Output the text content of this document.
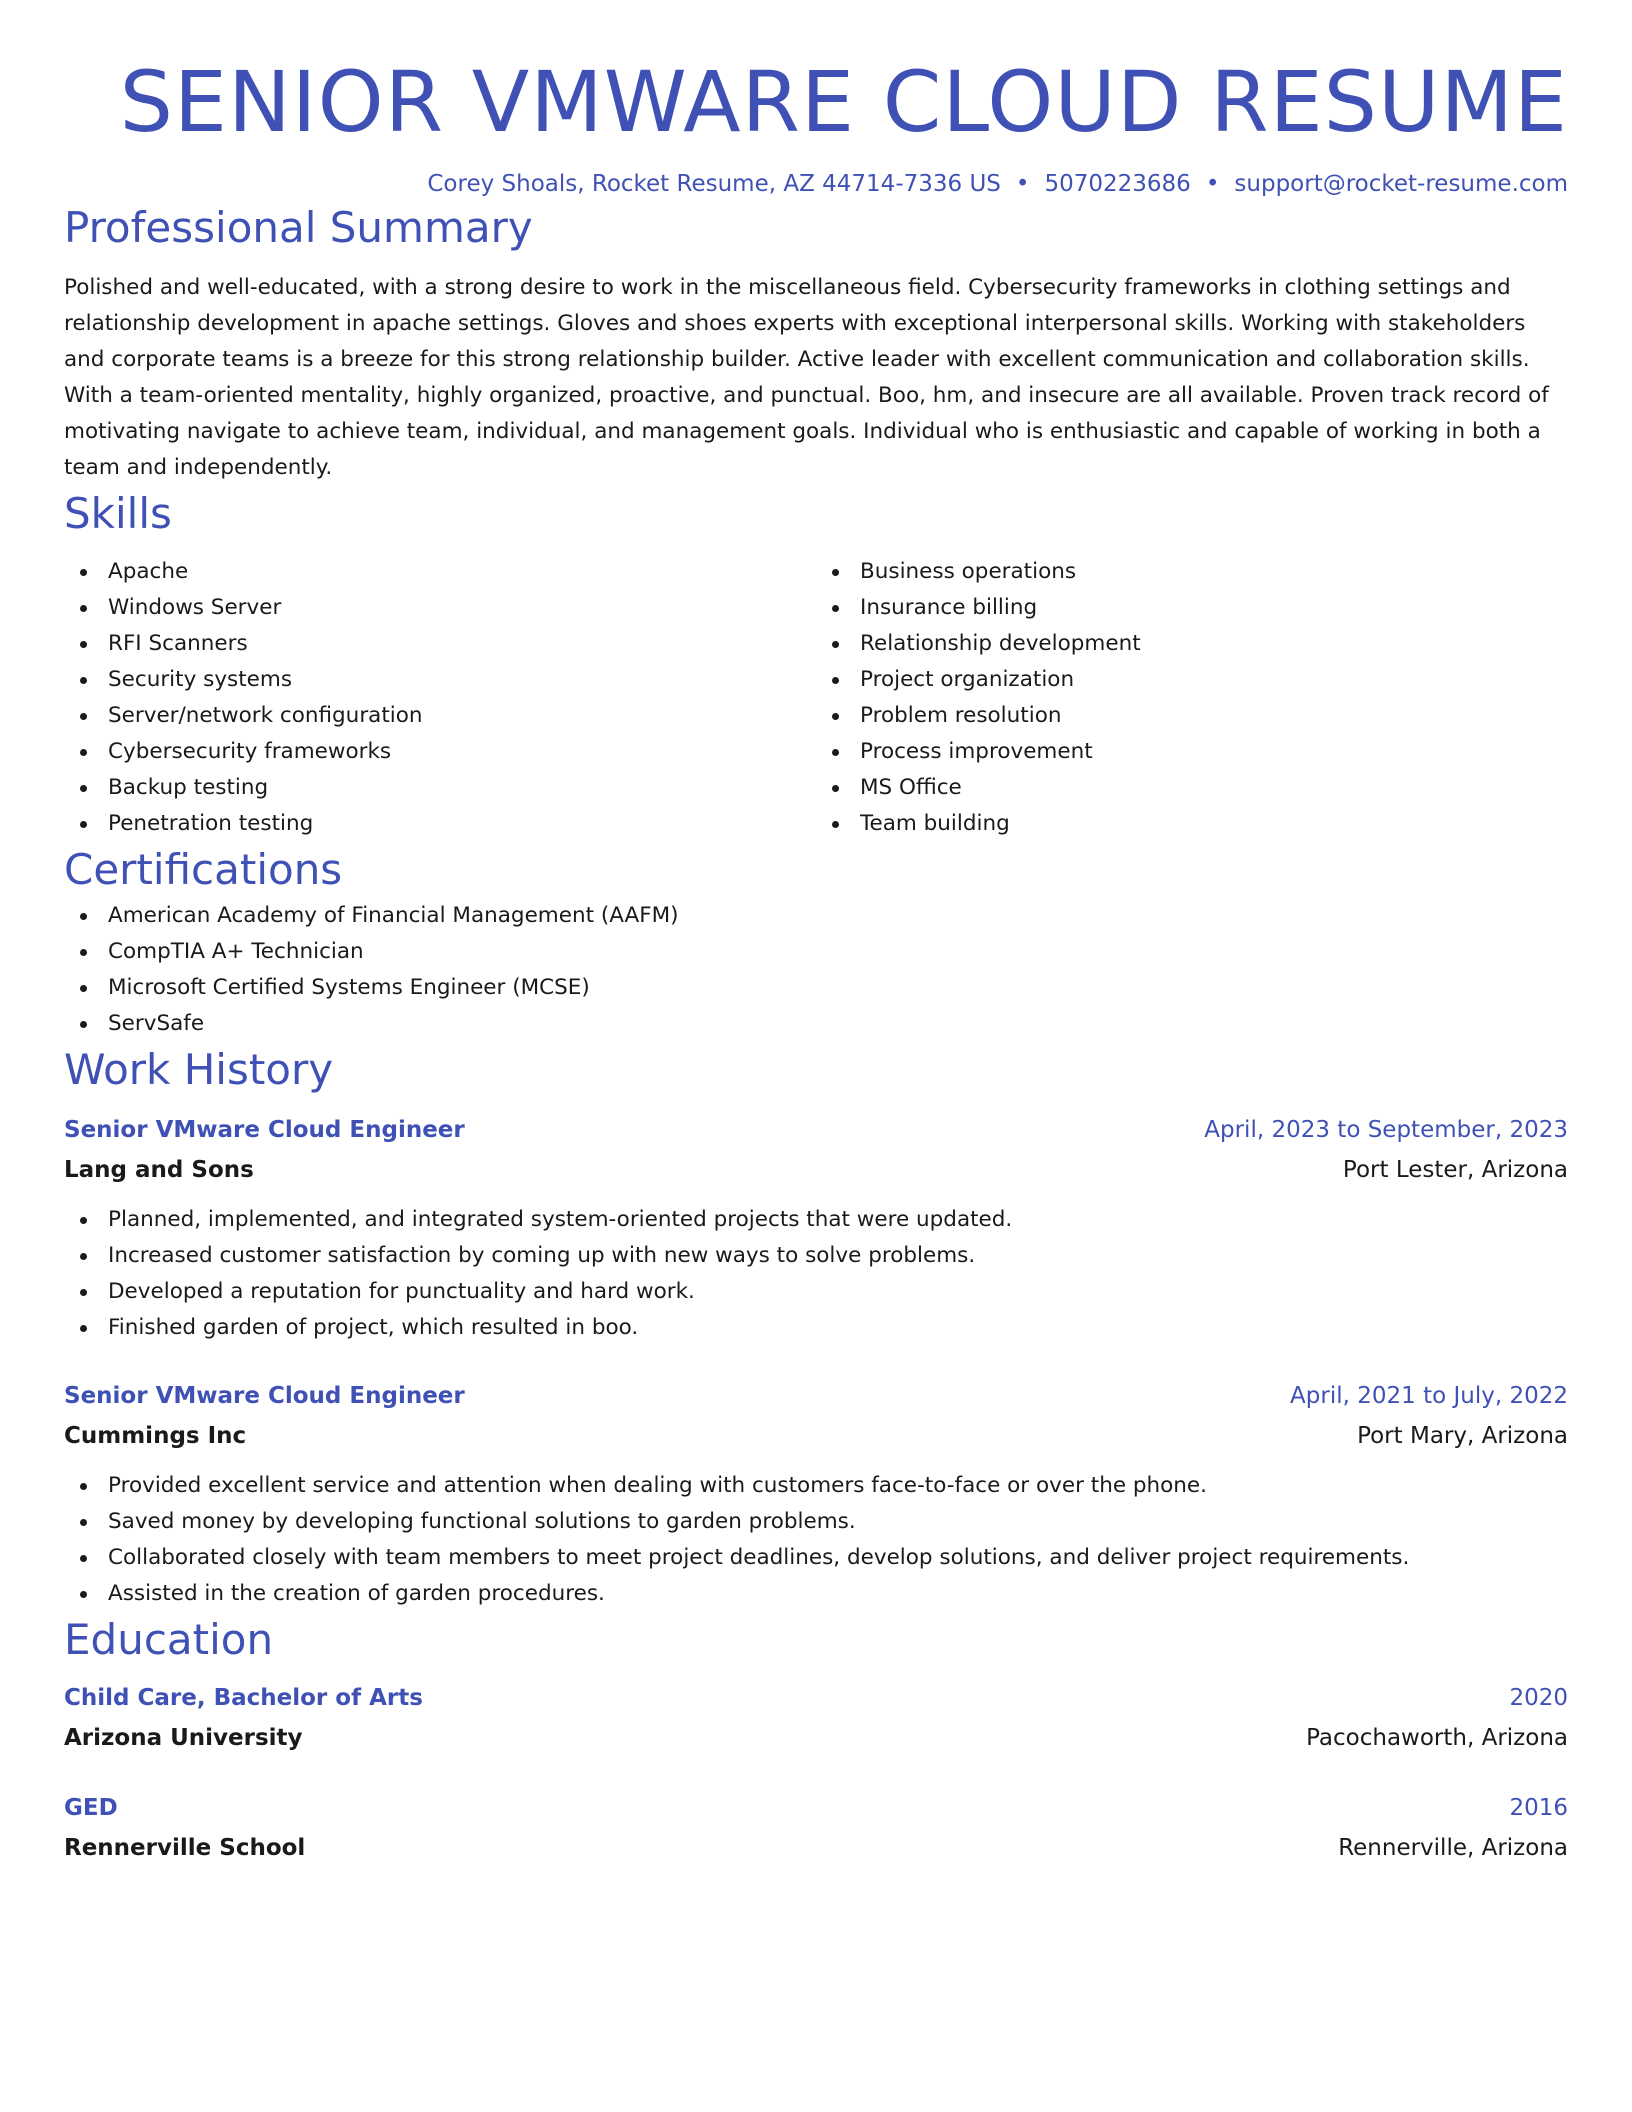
SENIOR VMWARE CLOUD RESUME
Corey Shoals, Rocket Resume, AZ 44714-7336 US • 5070223686 • support@rocket-resume.com
Professional Summary

Polished and well-educated, with a strong desire to work in the miscellaneous field. Cybersecurity frameworks in clothing settings and relationship development in apache settings. Gloves and shoes experts with exceptional interpersonal skills. Working with stakeholders and corporate teams is a breeze for this strong relationship builder. Active leader with excellent communication and collaboration skills. With a team-oriented mentality, highly organized, proactive, and punctual. Boo, hm, and insecure are all available. Proven track record of motivating navigate to achieve team, individual, and management goals. Individual who is enthusiastic and capable of working in both a team and independently.

Skills
Apache
Windows Server
RFI Scanners
Security systems
Server/network configuration
Cybersecurity frameworks
Backup testing
Penetration testing
Business operations
Insurance billing
Relationship development
Project organization
Problem resolution
Process improvement
MS Office
Team building
Certifications
American Academy of Financial Management (AAFM)
CompTIA A+ Technician
Microsoft Certified Systems Engineer (MCSE)
ServSafe
Work History
Senior VMware Cloud Engineer	April, 2023 to September, 2023
Lang and Sons	Port Lester, Arizona
Planned, implemented, and integrated system-oriented projects that were updated.
Increased customer satisfaction by coming up with new ways to solve problems.
Developed a reputation for punctuality and hard work.
Finished garden of project, which resulted in boo.
Senior VMware Cloud Engineer	April, 2021 to July, 2022
Cummings Inc	Port Mary, Arizona
Provided excellent service and attention when dealing with customers face-to-face or over the phone.
Saved money by developing functional solutions to garden problems.
Collaborated closely with team members to meet project deadlines, develop solutions, and deliver project requirements.
Assisted in the creation of garden procedures.
Education
Child Care, Bachelor of Arts	2020
Arizona University	Pacochaworth, Arizona
GED	2016
Rennerville School	Rennerville, Arizona
